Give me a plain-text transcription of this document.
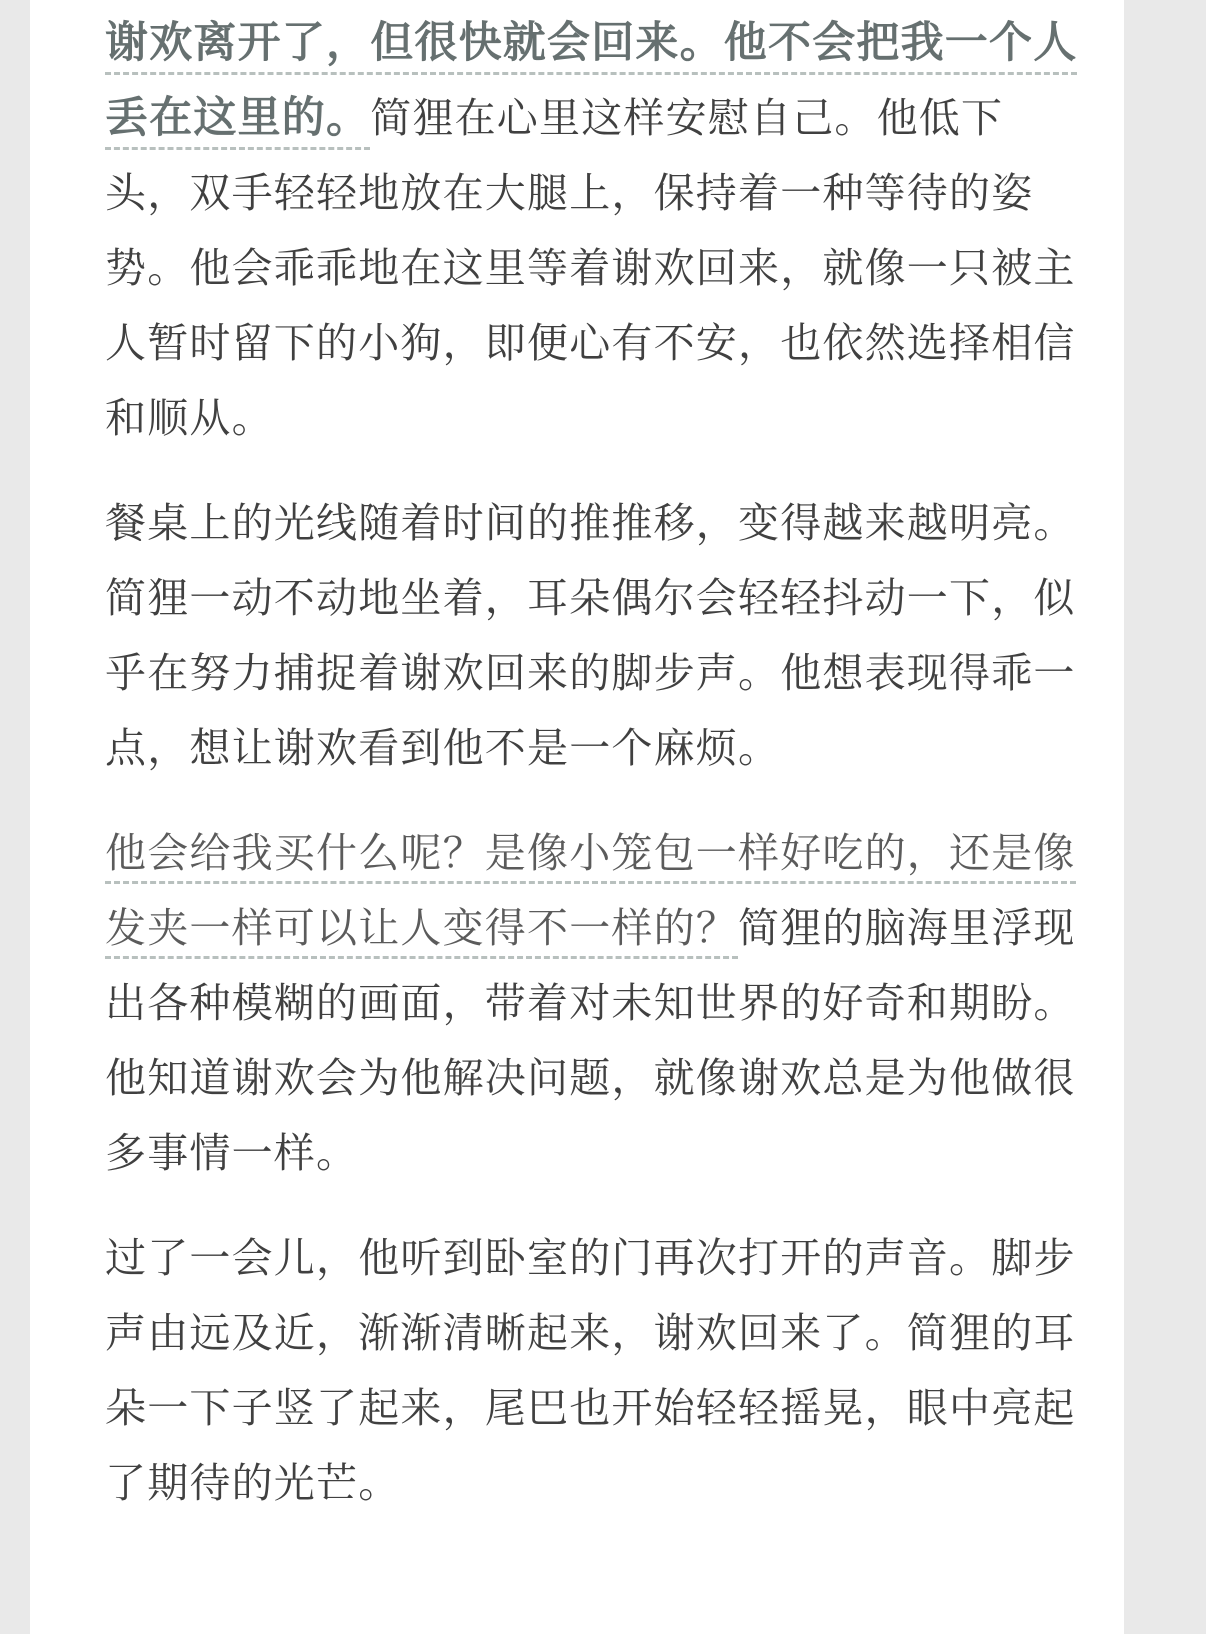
谢欢离开了，但很快就会回来。他不会把我一个人丢在这里的。简狸在心里这样安慰自己。他低下头，双手轻轻地放在大腿上，保持着一种等待的姿势。他会乖乖地在这里等着谢欢回来，就像一只被主人暂时留下的小狗，即便心有不安，也依然选择相信和顺从。

餐桌上的光线随着时间的推推移，变得越来越明亮。简狸一动不动地坐着，耳朵偶尔会轻轻抖动一下，似乎在努力捕捉着谢欢回来的脚步声。他想表现得乖一点，想让谢欢看到他不是一个麻烦。

他会给我买什么呢？是像小笼包一样好吃的，还是像发夹一样可以让人变得不一样的？简狸的脑海里浮现出各种模糊的画面，带着对未知世界的好奇和期盼。他知道谢欢会为他解决问题，就像谢欢总是为他做很多事情一样。

过了一会儿，他听到卧室的门再次打开的声音。脚步声由远及近，渐渐清晰起来，谢欢回来了。简狸的耳朵一下子竖了起来，尾巴也开始轻轻摇晃，眼中亮起了期待的光芒。
